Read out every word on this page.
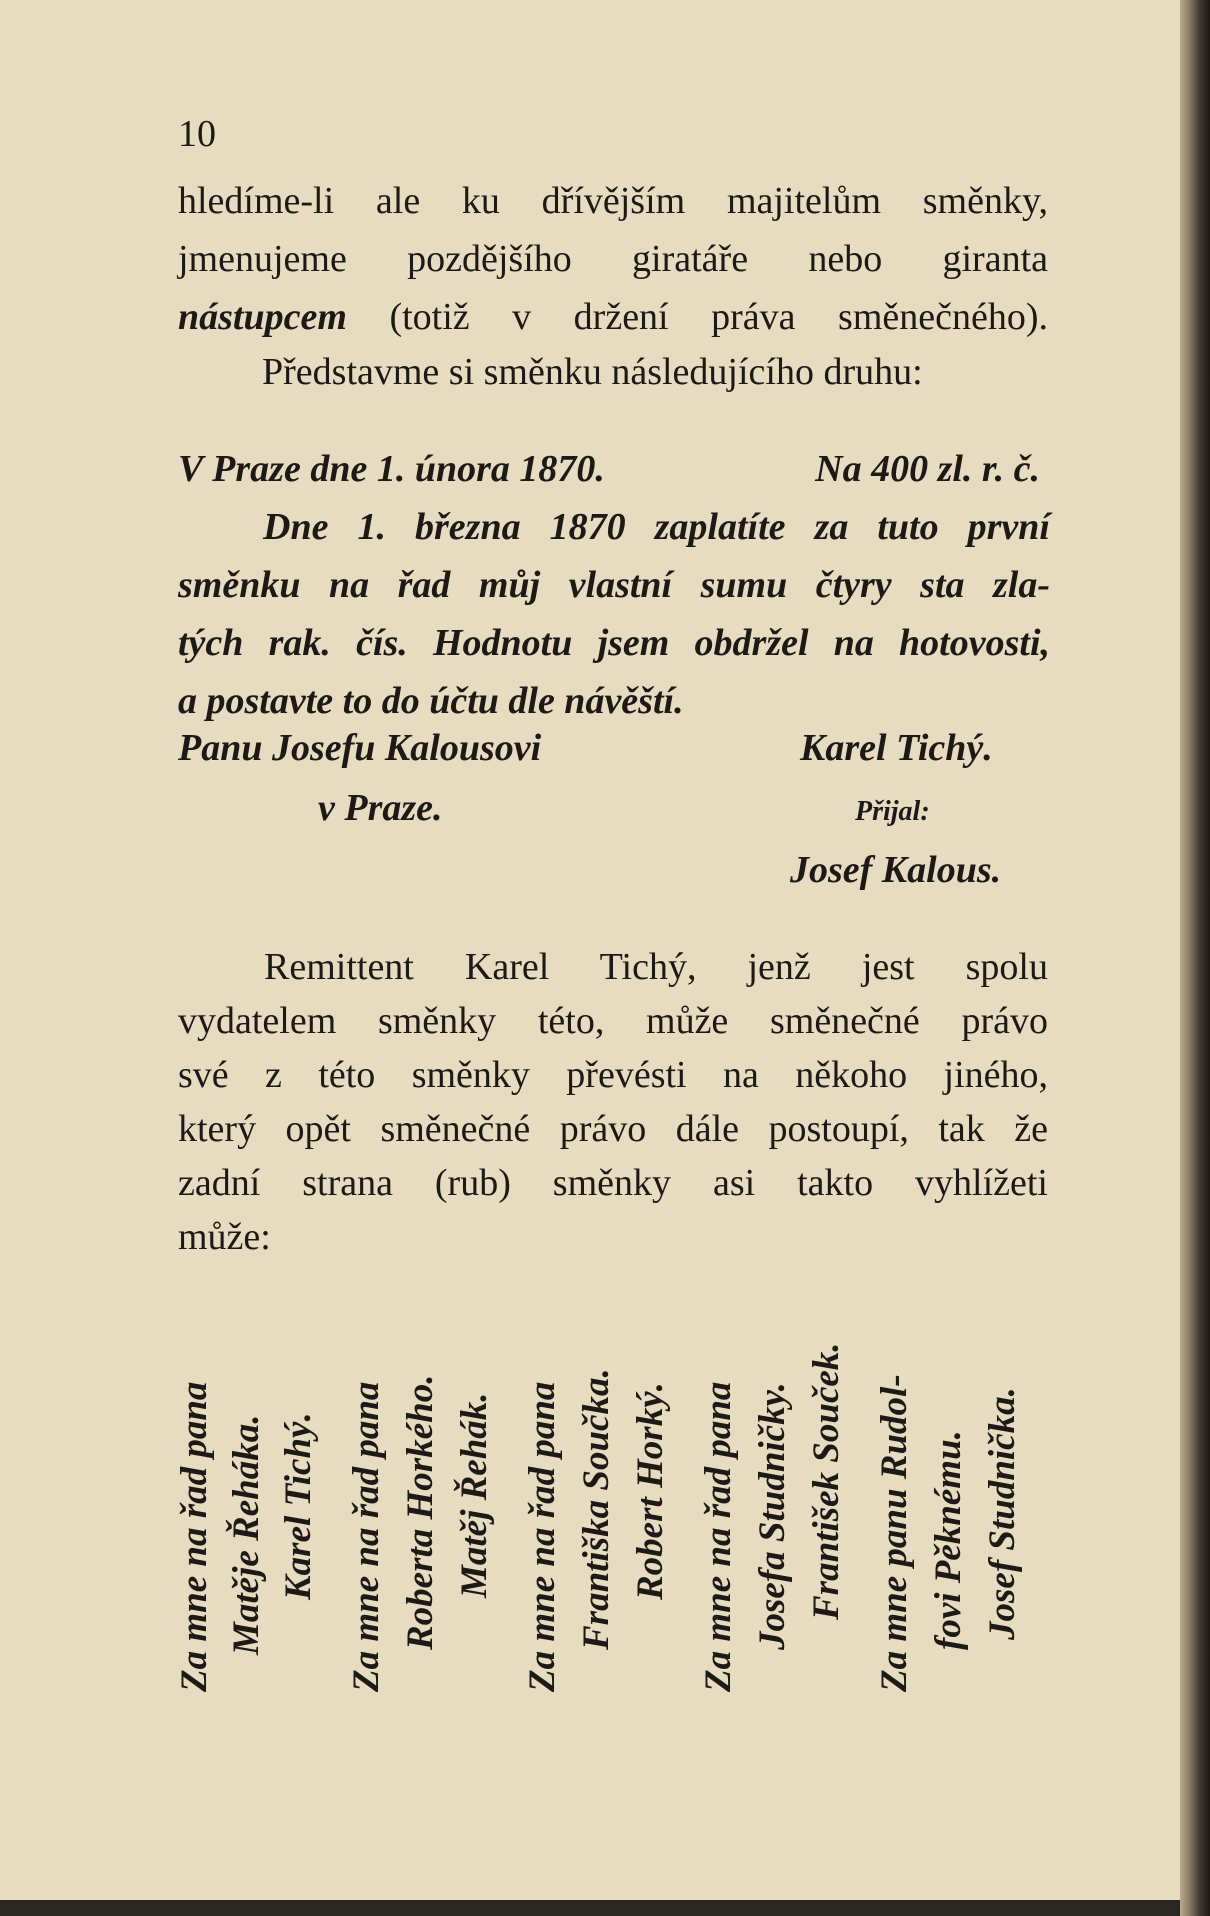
10
hledíme-li ale ku dřívějším majitelům směnky,
jmenujeme pozdějšího giratáře nebo giranta
nástupcem (totiž v držení práva směnečného).
Představme si směnku následujícího druhu:
V Praze dne 1. února 1870.	Na 400 zl. r. č.
Dne 1. března 1870 zaplatíte za tuto první
směnku na řad můj vlastní sumu čtyry sta zla-
tých rak. čís. Hodnotu jsem obdržel na hotovosti,
a postavte to do účtu dle návěští.
Panu Josefu Kalousovi
v Praze.
Karel Tichý.
Přijal:
Josef Kalous.
Remittent Karel Tichý, jenž jest spolu
vydatelem směnky této, může směnečné právo
své z této směnky převésti na někoho jiného,
který opět směnečné právo dále postoupí, tak že
zadní strana (rub) směnky asi takto vyhlížeti
může:
Za mne na řad pana Matěje Řeháka. Karel Tichý. Za mne na řad pana Roberta Horkého. Matěj Řehák. Za mne na řad pana Františka Součka. Robert Horký. Za mne na řad pana Josefa Studničky. František Souček. Za mne panu Rudol- fovi Pěknému. Josef Studnička.
